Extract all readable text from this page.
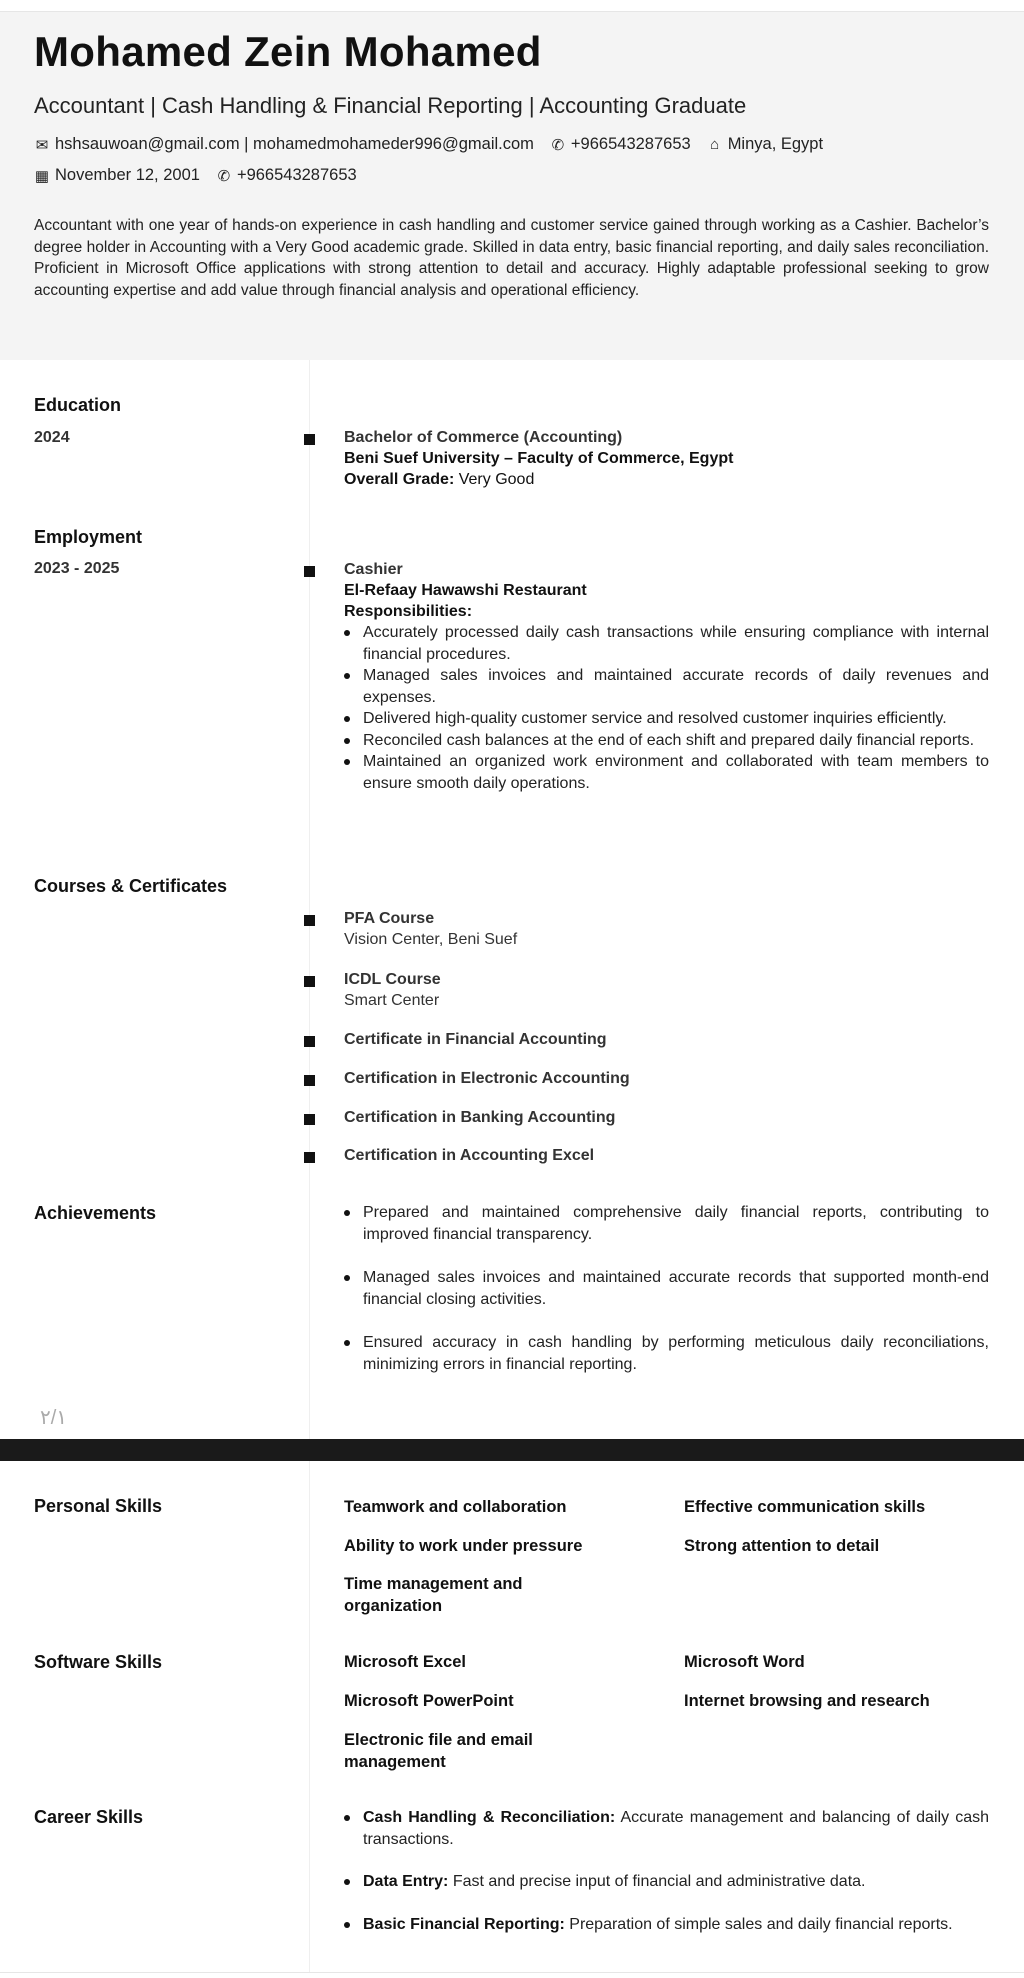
Mohamed Zein Mohamed
Accountant | Cash Handling & Financial Reporting | Accounting Graduate
✉ hshsauwoan@gmail.com | mohamedmohameder996@gmail.com ✆ +966543287653 ⌂ Minya, Egypt
▦ November 12, 2001 ✆ +966543287653
Accountant with one year of hands-on experience in cash handling and customer service gained through working as a Cashier. Bachelor’s degree holder in Accounting with a Very Good academic grade. Skilled in data entry, basic financial reporting, and daily sales reconciliation. Proficient in Microsoft Office applications with strong attention to detail and accuracy. Highly adaptable professional seeking to grow accounting expertise and add value through financial analysis and operational efficiency.
Education
2024	Bachelor of Commerce (Accounting)
Beni Suef University – Faculty of Commerce, Egypt
Overall Grade: Very Good
Employment
2023 - 2025	Cashier
El-Refaay Hawawshi Restaurant
Responsibilities:
Accurately processed daily cash transactions while ensuring compliance with internal financial procedures.
Managed sales invoices and maintained accurate records of daily revenues and expenses.
Delivered high-quality customer service and resolved customer inquiries efficiently.
Reconciled cash balances at the end of each shift and prepared daily financial reports.
Maintained an organized work environment and collaborated with team members to ensure smooth daily operations.
Courses & Certificates
PFA Course
Vision Center, Beni Suef
ICDL Course
Smart Center
Certificate in Financial Accounting
Certification in Electronic Accounting
Certification in Banking Accounting
Certification in Accounting Excel
Achievements	Prepared and maintained comprehensive daily financial reports, contributing to improved financial transparency.
Managed sales invoices and maintained accurate records that supported month-end financial closing activities.
Ensured accuracy in cash handling by performing meticulous daily reconciliations, minimizing errors in financial reporting.
٢/١
Personal Skills	Teamwork and collaboration	Effective communication skills
Ability to work under pressure	Strong attention to detail
Time management and organization
Software Skills	Microsoft Excel	Microsoft Word
Microsoft PowerPoint	Internet browsing and research
Electronic file and email management
Career Skills	Cash Handling & Reconciliation: Accurate management and balancing of daily cash transactions.
Data Entry: Fast and precise input of financial and administrative data.
Basic Financial Reporting: Preparation of simple sales and daily financial reports.
